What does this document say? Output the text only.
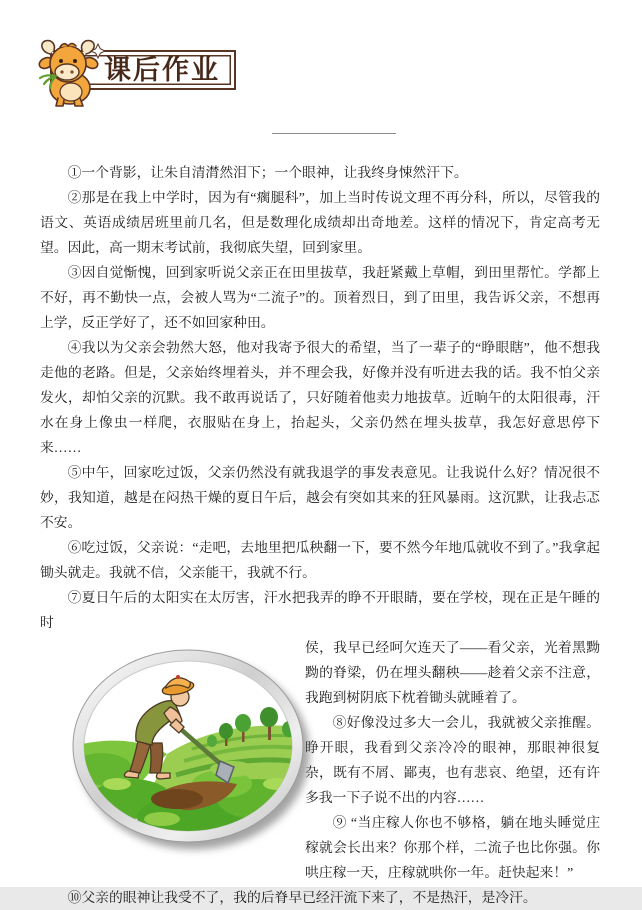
课后作业

①一个背影，让朱自清潸然泪下；一个眼神，让我终身悚然汗下。

②那是在我上中学时，因为有“瘸腿科”，加上当时传说文理不再分科，所以，尽管我的语文、英语成绩居班里前几名，但是数理化成绩却出奇地差。这样的情况下，肯定高考无望。因此，高一期末考试前，我彻底失望，回到家里。

③因自觉惭愧，回到家听说父亲正在田里拔草，我赶紧戴上草帽，到田里帮忙。学都上不好，再不勤快一点，会被人骂为“二流子”的。顶着烈日，到了田里，我告诉父亲，不想再上学，反正学好了，还不如回家种田。

④我以为父亲会勃然大怒，他对我寄予很大的希望，当了一辈子的“睁眼瞎”，他不想我走他的老路。但是，父亲始终埋着头，并不理会我，好像并没有听进去我的话。我不怕父亲发火，却怕父亲的沉默。我不敢再说话了，只好随着他卖力地拔草。近晌午的太阳很毒，汗水在身上像虫一样爬，衣服贴在身上，抬起头，父亲仍然在埋头拔草，我怎好意思停下来……

⑤中午，回家吃过饭，父亲仍然没有就我退学的事发表意见。让我说什么好？情况很不妙，我知道，越是在闷热干燥的夏日午后，越会有突如其来的狂风暴雨。这沉默，让我忐忑不安。

⑥吃过饭，父亲说：“走吧，去地里把瓜秧翻一下，要不然今年地瓜就收不到了。”我拿起锄头就走。我就不信，父亲能干，我就不行。

⑦夏日午后的太阳实在太厉害，汗水把我弄的睁不开眼睛，要在学校，现在正是午睡的时

侯，我早已经呵欠连天了——看父亲，光着黑黝黝的脊梁，仍在埋头翻秧——趁着父亲不注意，我跑到树阴底下枕着锄头就睡着了。

⑧好像没过多大一会儿，我就被父亲推醒。睁开眼，我看到父亲冷冷的眼神，那眼神很复杂，既有不屑、鄙夷，也有悲哀、绝望，还有许多我一下子说不出的内容……

⑨ “当庄稼人你也不够格，躺在地头睡觉庄稼就会长出来？你那个样，二流子也比你强。你哄庄稼一天，庄稼就哄你一年。赶快起来！”

⑩父亲的眼神让我受不了，我的后脊早已经汗流下来了，不是热汗，是冷汗。
